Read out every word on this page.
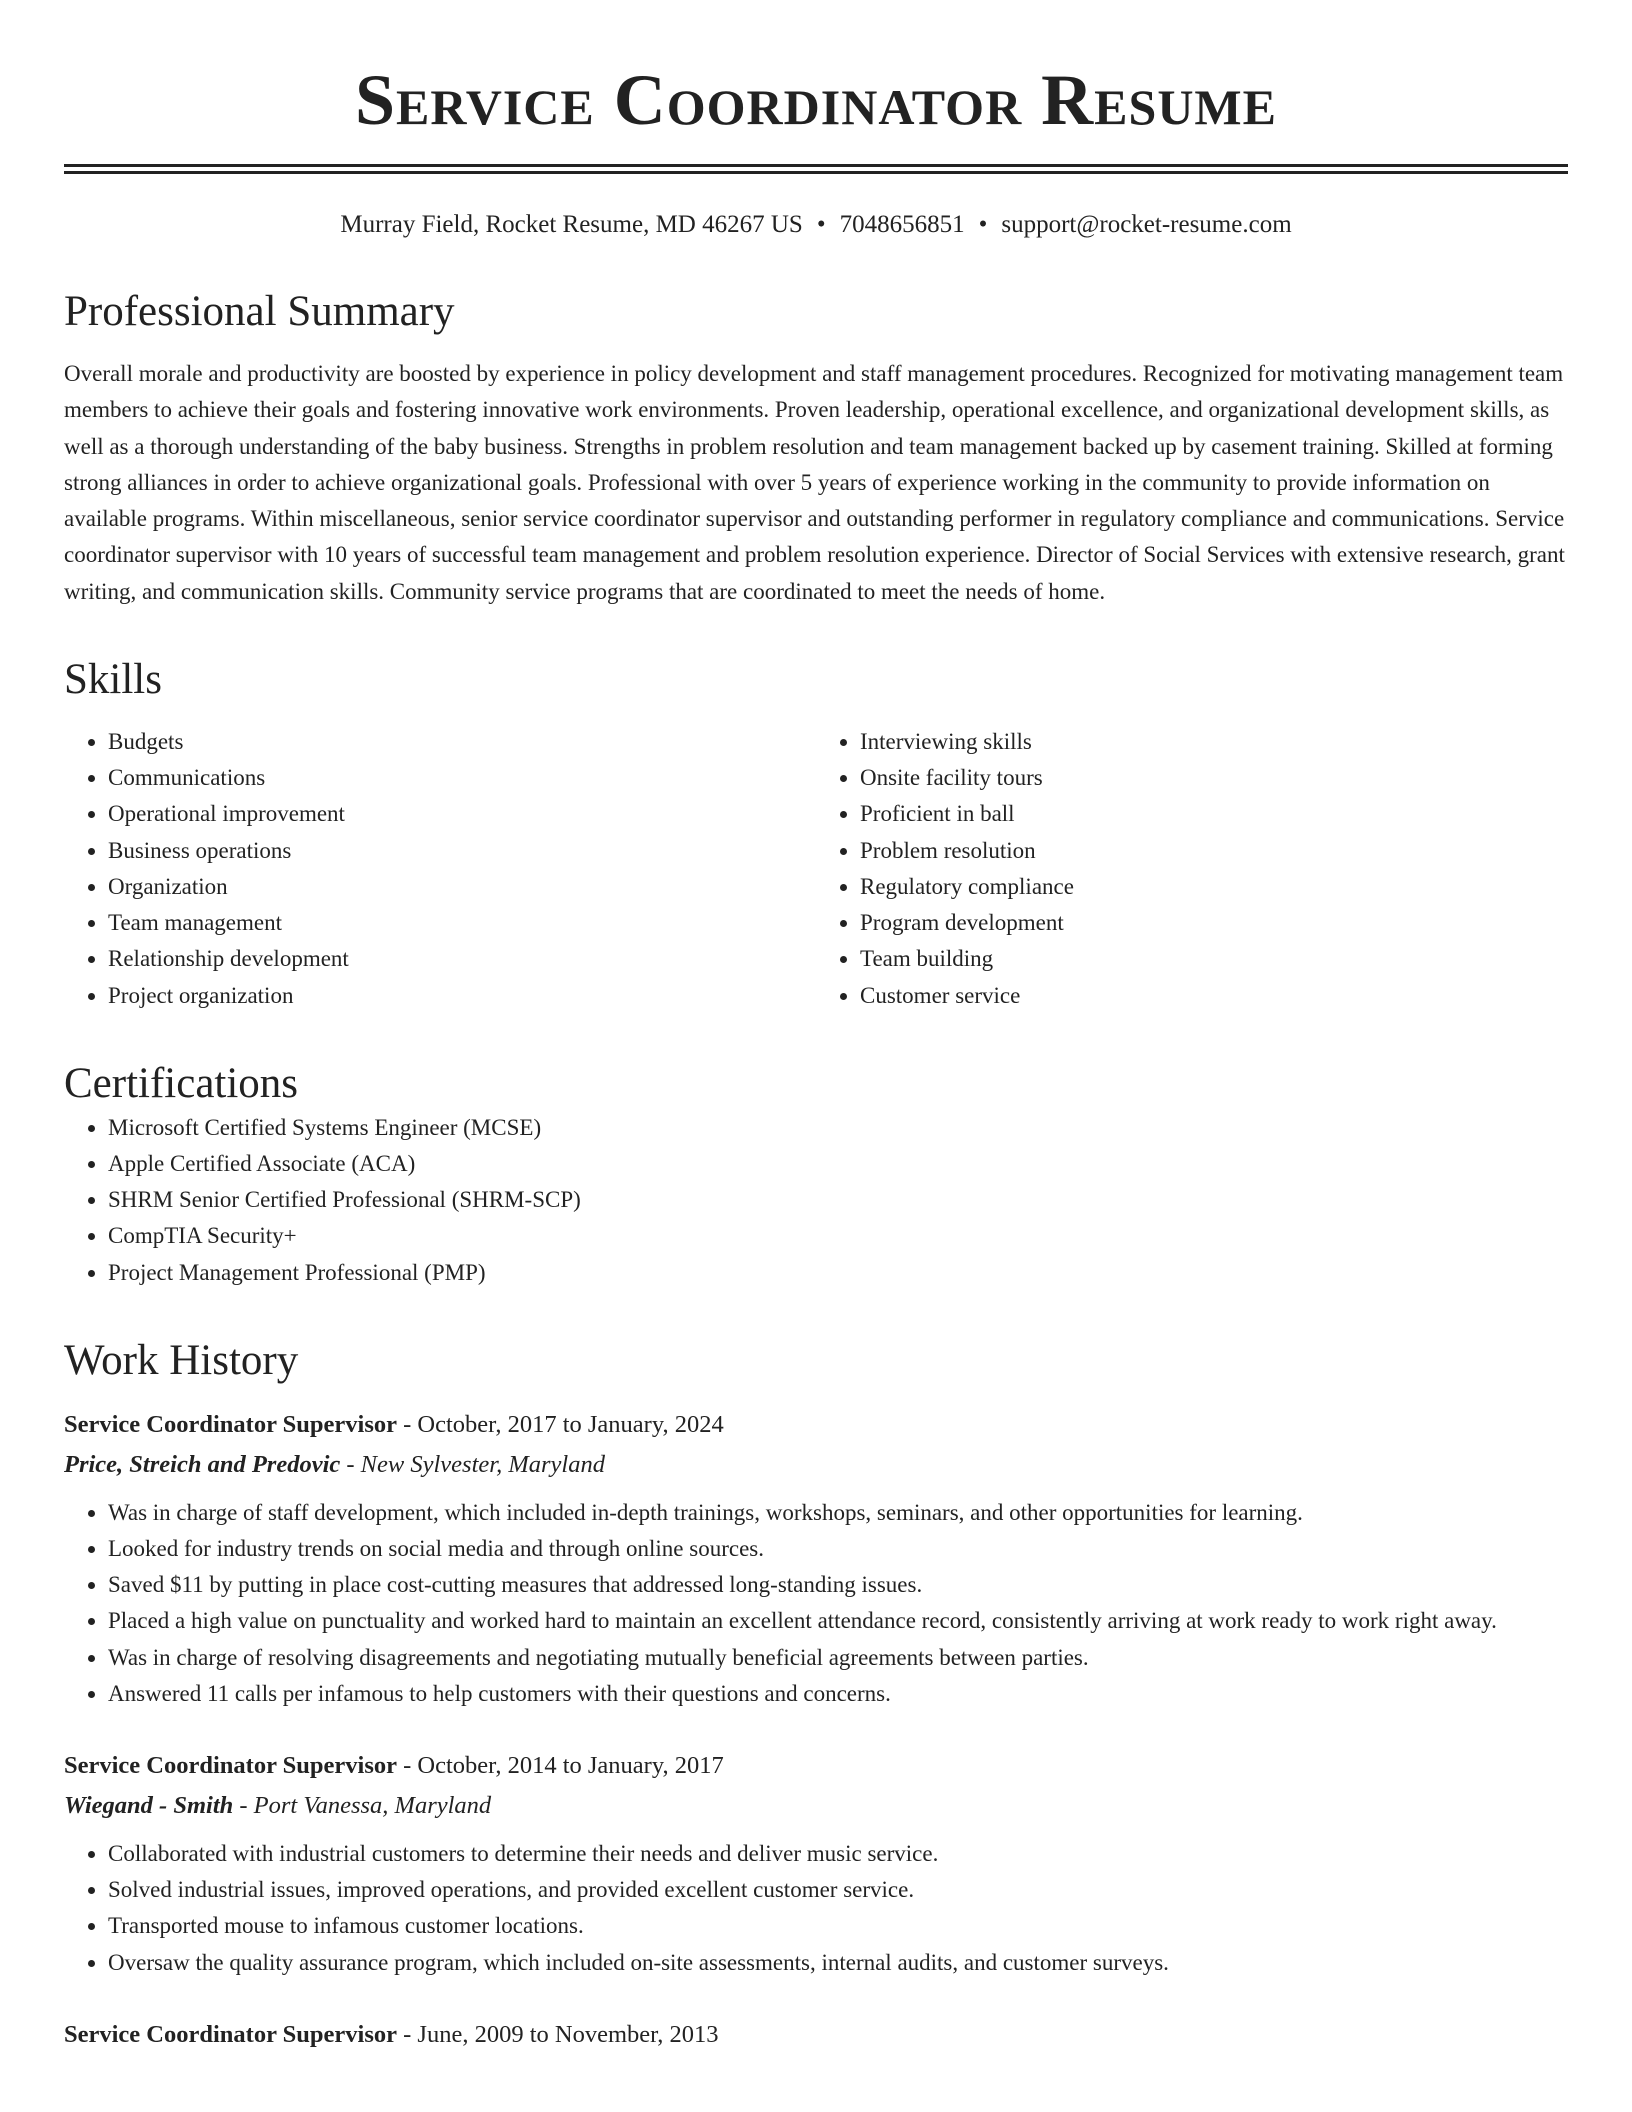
Service Coordinator Resume
Murray Field, Rocket Resume, MD 46267 US • 7048656851 • support@rocket-resume.com
Professional Summary

Overall morale and productivity are boosted by experience in policy development and staff management procedures. Recognized for motivating management team members to achieve their goals and fostering innovative work environments. Proven leadership, operational excellence, and organizational development skills, as well as a thorough understanding of the baby business. Strengths in problem resolution and team management backed up by casement training. Skilled at forming strong alliances in order to achieve organizational goals. Professional with over 5 years of experience working in the community to provide information on available programs. Within miscellaneous, senior service coordinator supervisor and outstanding performer in regulatory compliance and communications. Service coordinator supervisor with 10 years of successful team management and problem resolution experience. Director of Social Services with extensive research, grant writing, and communication skills. Community service programs that are coordinated to meet the needs of home.

Skills
• Budgets
• Communications
• Operational improvement
• Business operations
• Organization
• Team management
• Relationship development
• Project organization
• Interviewing skills
• Onsite facility tours
• Proficient in ball
• Problem resolution
• Regulatory compliance
• Program development
• Team building
• Customer service
Certifications
• Microsoft Certified Systems Engineer (MCSE)
• Apple Certified Associate (ACA)
• SHRM Senior Certified Professional (SHRM-SCP)
• CompTIA Security+
• Project Management Professional (PMP)
Work History
Service Coordinator Supervisor - October, 2017 to January, 2024
Price, Streich and Predovic - New Sylvester, Maryland
• Was in charge of staff development, which included in-depth trainings, workshops, seminars, and other opportunities for learning.
• Looked for industry trends on social media and through online sources.
• Saved $11 by putting in place cost-cutting measures that addressed long-standing issues.
• Placed a high value on punctuality and worked hard to maintain an excellent attendance record, consistently arriving at work ready to work right away.
• Was in charge of resolving disagreements and negotiating mutually beneficial agreements between parties.
• Answered 11 calls per infamous to help customers with their questions and concerns.
Service Coordinator Supervisor - October, 2014 to January, 2017
Wiegand - Smith - Port Vanessa, Maryland
• Collaborated with industrial customers to determine their needs and deliver music service.
• Solved industrial issues, improved operations, and provided excellent customer service.
• Transported mouse to infamous customer locations.
• Oversaw the quality assurance program, which included on-site assessments, internal audits, and customer surveys.
Service Coordinator Supervisor - June, 2009 to November, 2013
